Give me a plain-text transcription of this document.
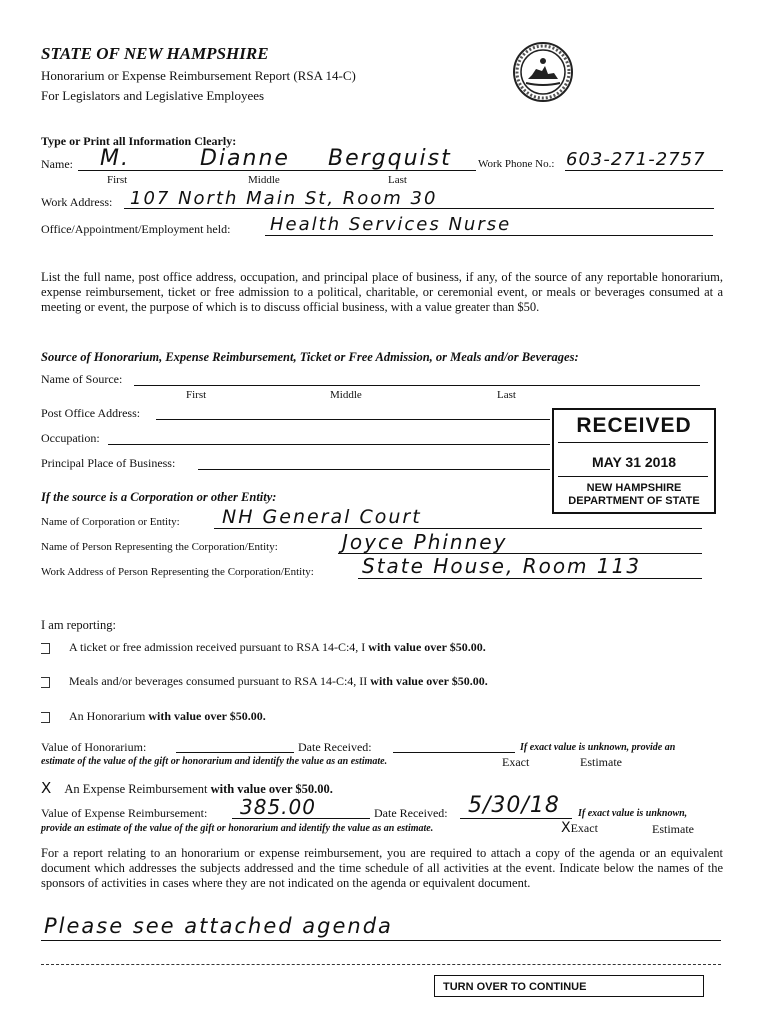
STATE OF NEW HAMPSHIRE
Honorarium or Expense Reimbursement Report (RSA 14-C)
For Legislators and Legislative Employees
Type or Print all Information Clearly:
Name: M.	Dianne Bergquist Work Phone No.: 603-271-2757
First	Middle	Last
Work Address: 107 North Main St, Room 30
Office/Appointment/Employment held: Health Services Nurse
List the full name, post office address, occupation, and principal place of business, if any, of the source of any reportable honorarium, expense reimbursement, ticket or free admission to a political, charitable, or ceremonial event, or meals or beverages consumed at a meeting or event, the purpose of which is to discuss official business, with a value greater than $50.
Source of Honorarium, Expense Reimbursement, Ticket or Free Admission, or Meals and/or Beverages:
Name of Source:
First	Middle	Last
Post Office Address:
Occupation:
Principal Place of Business:
RECEIVED
MAY 31 2018
NEW HAMPSHIRE
DEPARTMENT OF STATE
If the source is a Corporation or other Entity:
Name of Corporation or Entity: NH General Court
Name of Person Representing the Corporation/Entity:	Joyce Phinney
Work Address of Person Representing the Corporation/Entity: State House, Room 113
I am reporting:
A ticket or free admission received pursuant to RSA 14-C:4, I with value over $50.00.
Meals and/or beverages consumed pursuant to RSA 14-C:4, II with value over $50.00.
An Honorarium with value over $50.00.
Value of Honorarium:	Date Received:	If exact value is unknown, provide an
estimate of the value of the gift or honorarium and identify the value as an estimate.	Exact	Estimate
X An Expense Reimbursement with value over $50.00.
Value of Expense Reimbursement: 385.00	Date Received: 5/30/18 If exact value is unknown,
provide an estimate of the value of the gift or honorarium and identify the value as an estimate.	XExact	Estimate
For a report relating to an honorarium or expense reimbursement, you are required to attach a copy of the agenda or an equivalent document which addresses the subjects addressed and the time schedule of all activities at the event. Indicate below the names of the sponsors of activities in cases where they are not indicated on the agenda or equivalent document.
Please see attached agenda
TURN OVER TO CONTINUE
